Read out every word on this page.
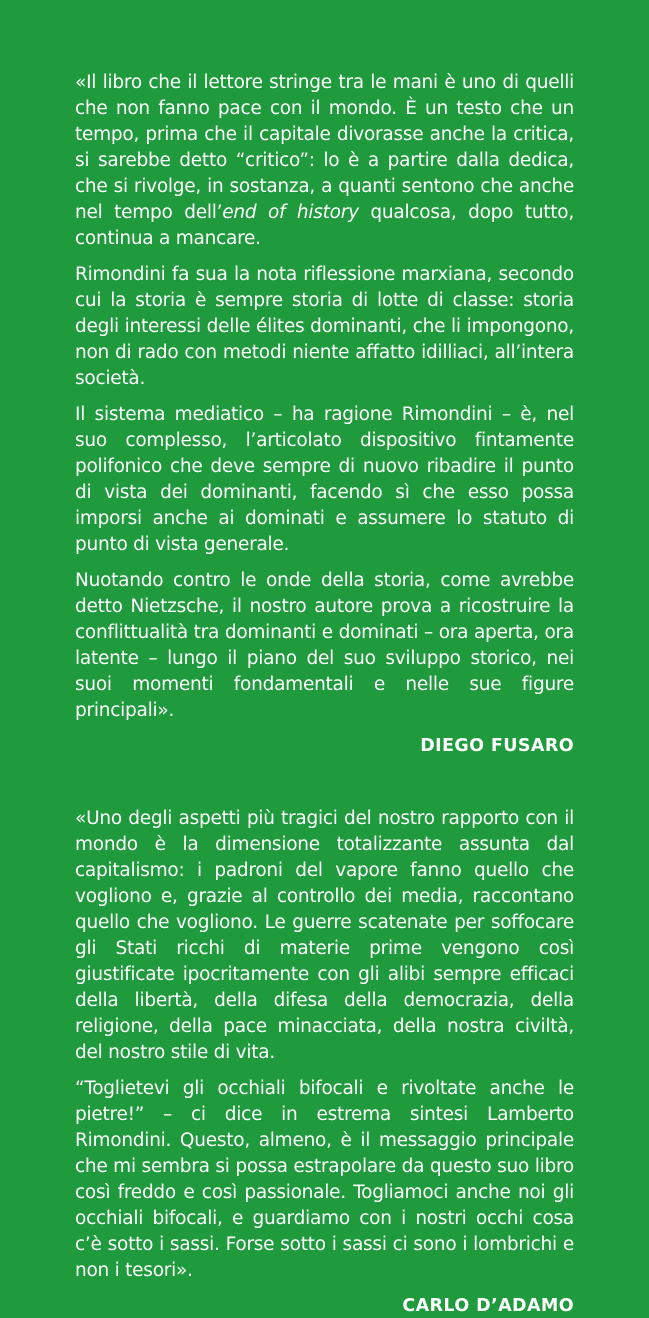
«Il libro che il lettore stringe tra le mani è uno di quelli che non fanno pace con il mondo. È un testo che un tempo, prima che il capitale divorasse anche la critica, si sarebbe detto “critico”: lo è a partire dalla dedica, che si rivolge, in sostanza, a quanti sentono che anche nel tempo dell’end of history qualcosa, dopo tutto, continua a mancare.

Rimondini fa sua la nota riflessione marxiana, secondo cui la storia è sempre storia di lotte di classe: storia degli interessi delle élites dominanti, che li impongono, non di rado con metodi niente affatto idilliaci, all’intera società.

Il sistema mediatico – ha ragione Rimondini – è, nel suo complesso, l’articolato dispositivo fintamente polifonico che deve sempre di nuovo ribadire il punto di vista dei dominanti, facendo sì che esso possa imporsi anche ai dominati e assumere lo statuto di punto di vista generale.

Nuotando contro le onde della storia, come avrebbe detto Nietzsche, il nostro autore prova a ricostruire la conflittualità tra dominanti e dominati – ora aperta, ora latente – lungo il piano del suo sviluppo storico, nei suoi momenti fondamentali e nelle sue figure principali».

DIEGO FUSARO

«Uno degli aspetti più tragici del nostro rapporto con il mondo è la dimensione totalizzante assunta dal capitalismo: i padroni del vapore fanno quello che vogliono e, grazie al controllo dei media, raccontano quello che vogliono. Le guerre scatenate per soffocare gli Stati ricchi di materie prime vengono così giustificate ipocritamente con gli alibi sempre efficaci della libertà, della difesa della democrazia, della religione, della pace minacciata, della nostra civiltà, del nostro stile di vita.

“Toglietevi gli occhiali bifocali e rivoltate anche le pietre!” – ci dice in estrema sintesi Lamberto Rimondini. Questo, almeno, è il messaggio principale che mi sembra si possa estrapolare da questo suo libro così freddo e così passionale. Togliamoci anche noi gli occhiali bifocali, e guardiamo con i nostri occhi cosa c’è sotto i sassi. Forse sotto i sassi ci sono i lombrichi e non i tesori».

CARLO D’ADAMO
